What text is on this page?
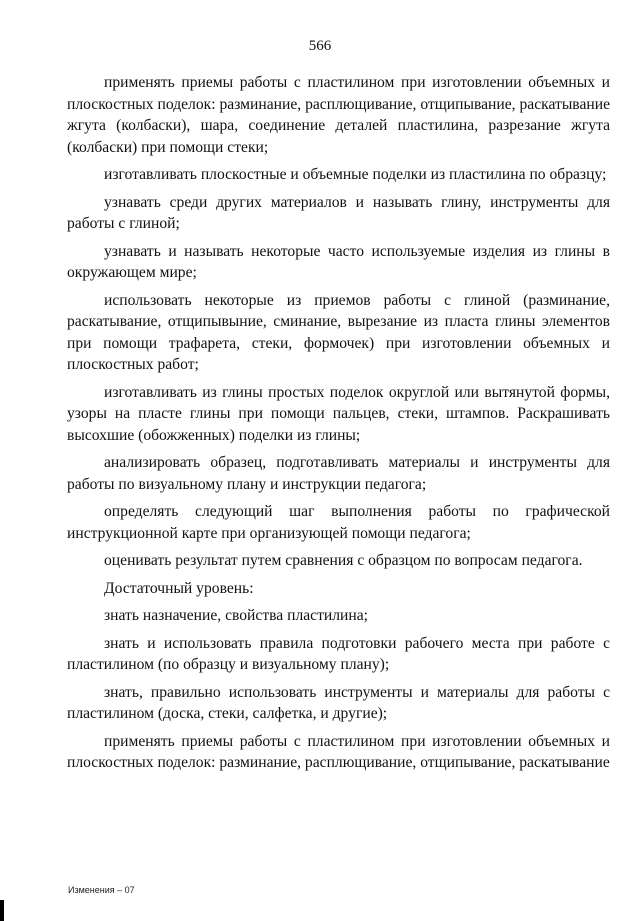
566

применять приемы работы с пластилином при изготовлении объемных и плоскостных поделок: разминание, расплющивание, отщипывание, раскатывание жгута (колбаски), шара, соединение деталей пластилина, разрезание жгута (колбаски) при помощи стеки;

изготавливать плоскостные и объемные поделки из пластилина по образцу;

узнавать среди других материалов и называть глину, инструменты для работы с глиной;

узнавать и называть некоторые часто используемые изделия из глины в окружающем мире;

использовать некоторые из приемов работы с глиной (разминание, раскатывание, отщипывыние, сминание, вырезание из пласта глины элементов при помощи трафарета, стеки, формочек) при изготовлении объемных и плоскостных работ;

изготавливать из глины простых поделок округлой или вытянутой формы, узоры на пласте глины при помощи пальцев, стеки, штампов. Раскрашивать высохшие (обожженных) поделки из глины;

анализировать образец, подготавливать материалы и инструменты для работы по визуальному плану и инструкции педагога;

определять следующий шаг выполнения работы по графической инструкционной карте при организующей помощи педагога;

оценивать результат путем сравнения с образцом по вопросам педагога.

Достаточный уровень:

знать назначение, свойства пластилина;

знать и использовать правила подготовки рабочего места при работе с пластилином (по образцу и визуальному плану);

знать, правильно использовать инструменты и материалы для работы с пластилином (доска, стеки, салфетка, и другие);

применять приемы работы с пластилином при изготовлении объемных и плоскостных поделок: разминание, расплющивание, отщипывание, раскатывание

Изменения – 07
